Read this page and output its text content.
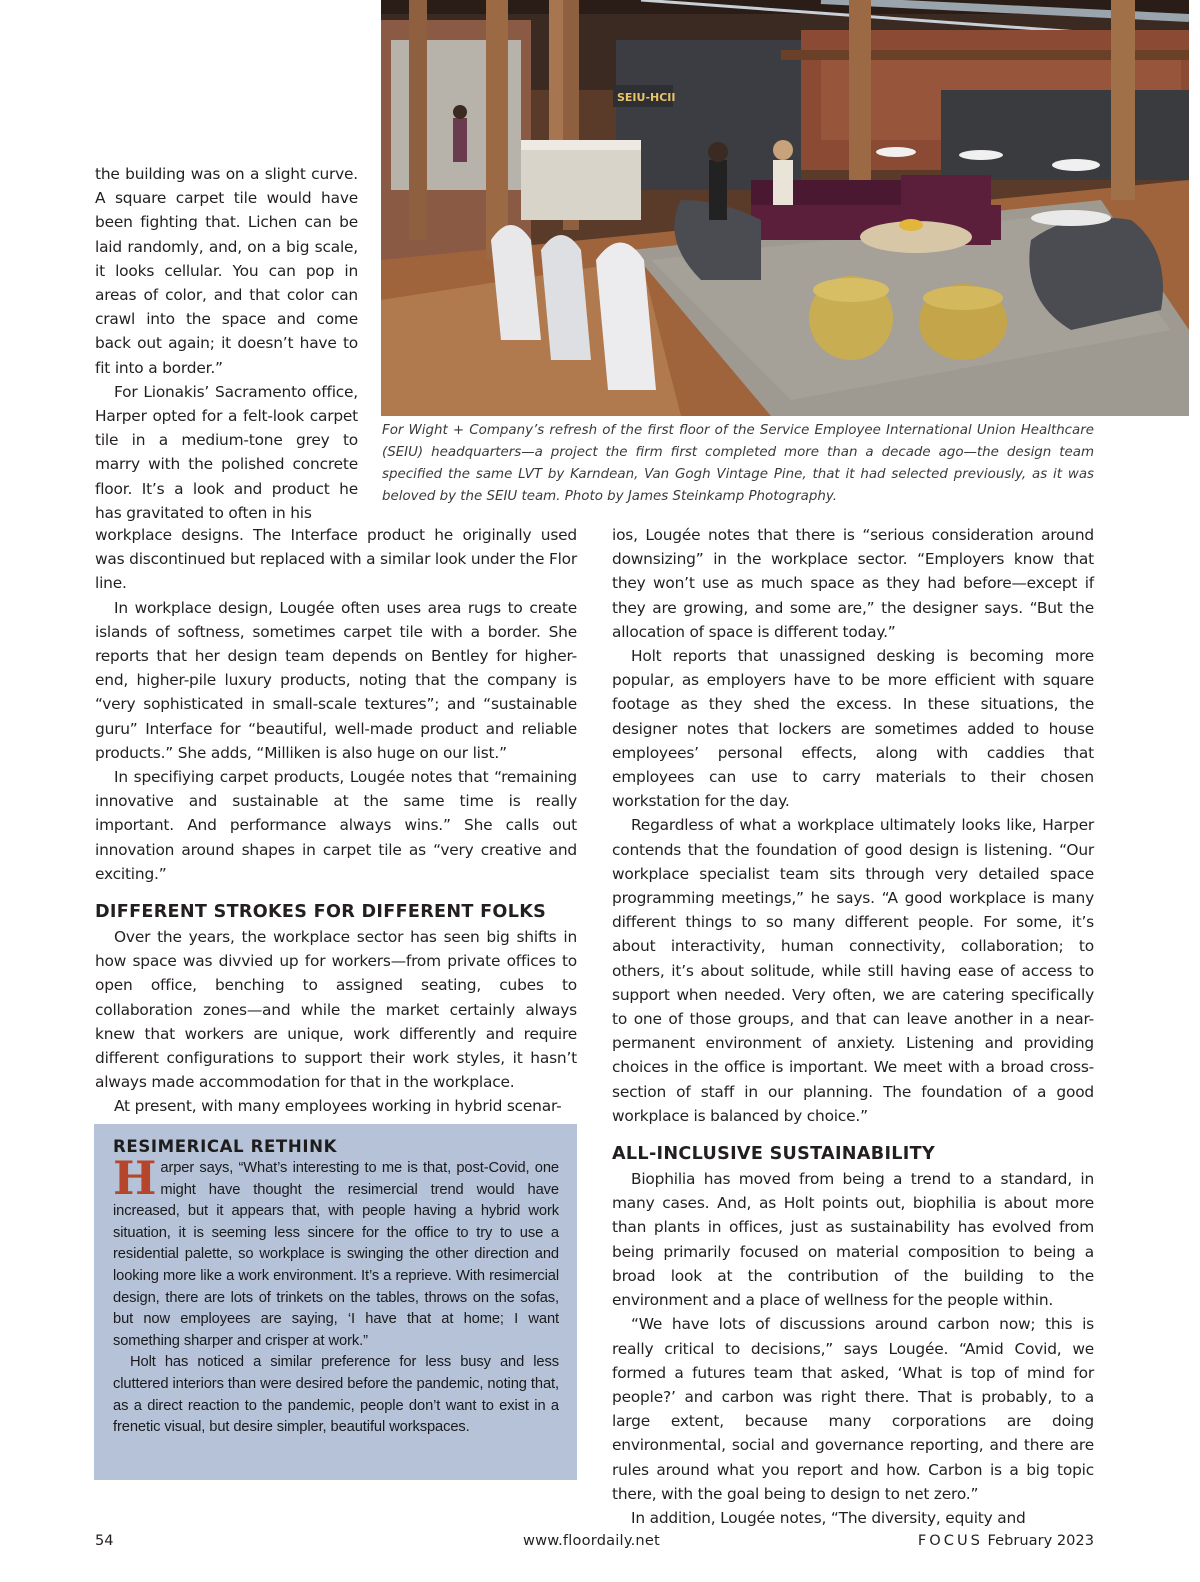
SEIU-HCII

For Wight + Company’s refresh of the first floor of the Service Employee International Union Healthcare (SEIU) headquarters—a project the firm first completed more than a decade ago—the design team specified the same LVT by Karndean, Van Gogh Vintage Pine, that it had selected previously, as it was beloved by the SEIU team. Photo by James Steinkamp Photography.

the building was on a slight curve. A square carpet tile would have been fighting that. Lichen can be laid randomly, and, on a big scale, it looks cellular. You can pop in areas of color, and that color can crawl into the space and come back out again; it doesn’t have to fit into a border.”

For Lionakis’ Sacramento office, Harper opted for a felt-look carpet tile in a medium-tone grey to marry with the polished concrete floor. It’s a look and product he has gravitated to often in his

workplace designs. The Interface product he originally used was discontinued but replaced with a similar look under the Flor line.

In workplace design, Lougée often uses area rugs to create islands of softness, sometimes carpet tile with a border. She reports that her design team depends on Bentley for higher-end, higher-pile luxury products, noting that the company is “very sophisticated in small-scale textures”; and “sustainable guru” Interface for “beautiful, well-made product and reliable products.” She adds, “Milliken is also huge on our list.”

In specifiying carpet products, Lougée notes that “remaining innovative and sustainable at the same time is really important. And performance always wins.” She calls out innovation around shapes in carpet tile as “very creative and exciting.”

DIFFERENT STROKES FOR DIFFERENT FOLKS

Over the years, the workplace sector has seen big shifts in how space was divvied up for workers—from private offices to open office, benching to assigned seating, cubes to collaboration zones—and while the market certainly always knew that workers are unique, work differently and require different configurations to support their work styles, it hasn’t always made accommodation for that in the workplace.

At present, with many employees working in hybrid scenar-

ios, Lougée notes that there is “serious consideration around downsizing” in the workplace sector. “Employers know that they won’t use as much space as they had before—except if they are growing, and some are,” the designer says. “But the allocation of space is different today.”

Holt reports that unassigned desking is becoming more popular, as employers have to be more efficient with square footage as they shed the excess. In these situations, the designer notes that lockers are sometimes added to house employees’ personal effects, along with caddies that employees can use to carry materials to their chosen workstation for the day.

Regardless of what a workplace ultimately looks like, Harper contends that the foundation of good design is listening. “Our workplace specialist team sits through very detailed space programming meetings,” he says. “A good workplace is many different things to so many different people. For some, it’s about interactivity, human connectivity, collaboration; to others, it’s about solitude, while still having ease of access to support when needed. Very often, we are catering specifically to one of those groups, and that can leave another in a near-permanent environment of anxiety. Listening and providing choices in the office is important. We meet with a broad cross-section of staff in our planning. The foundation of a good workplace is balanced by choice.”

ALL-INCLUSIVE SUSTAINABILITY

Biophilia has moved from being a trend to a standard, in many cases. And, as Holt points out, biophilia is about more than plants in offices, just as sustainability has evolved from being primarily focused on material composition to being a broad look at the contribution of the building to the environment and a place of wellness for the people within.

“We have lots of discussions around carbon now; this is really critical to decisions,” says Lougée. “Amid Covid, we formed a futures team that asked, ‘What is top of mind for people?’ and carbon was right there. That is probably, to a large extent, because many corporations are doing environmental, social and governance reporting, and there are rules around what you report and how. Carbon is a big topic there, with the goal being to design to net zero.”

In addition, Lougée notes, “The diversity, equity and

RESIMERICAL RETHINK

Harper says, “What’s interesting to me is that, post-Covid, one might have thought the resimercial trend would have increased, but it appears that, with people having a hybrid work situation, it is seeming less sincere for the office to try to use a residential palette, so workplace is swinging the other direction and looking more like a work environment. It’s a reprieve. With resimercial design, there are lots of trinkets on the tables, throws on the sofas, but now employees are saying, ‘I have that at home; I want something sharper and crisper at work.”

Holt has noticed a similar preference for less busy and less cluttered interiors than were desired before the pandemic, noting that, as a direct reaction to the pandemic, people don’t want to exist in a frenetic visual, but desire simpler, beautiful workspaces.

54	www.floordaily.net	FOCUS February 2023
